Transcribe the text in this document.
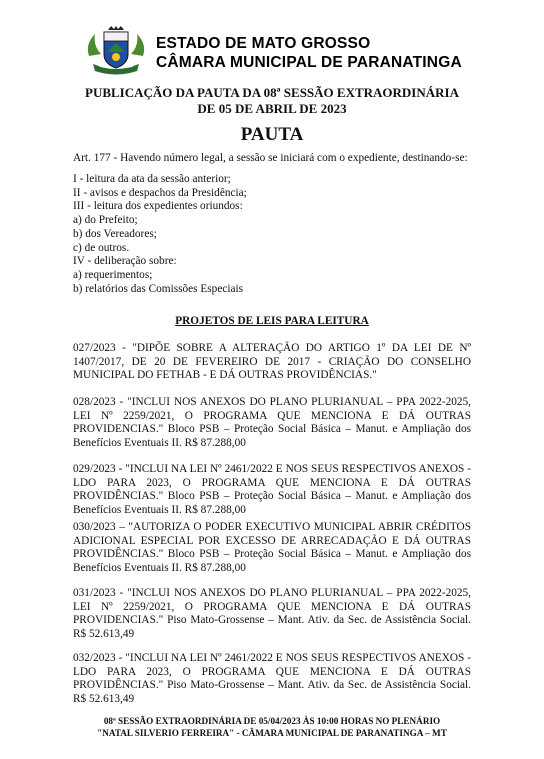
ESTADO DE MATO GROSSO
CÂMARA MUNICIPAL DE PARANATINGA
PUBLICAÇÃO DA PAUTA DA 08ª SESSÃO EXTRAORDINÁRIA
DE 05 DE ABRIL DE 2023
PAUTA
Art. 177 - Havendo número legal, a sessão se iniciará com o expediente, destinando-se:
I - leitura da ata da sessão anterior;
II - avisos e despachos da Presidência;
III - leitura dos expedientes oriundos:
a) do Prefeito;
b) dos Vereadores;
c) de outros.
IV - deliberação sobre:
a) requerimentos;
b) relatórios das Comissões Especiais
PROJETOS DE LEIS PARA LEITURA
027/2023 - "DIPÕE SOBRE A ALTERAÇÃO DO ARTIGO 1º DA LEI DE Nº 1407/2017, DE 20 DE FEVEREIRO DE 2017 - CRIAÇÃO DO CONSELHO MUNICIPAL DO FETHAB - E DÁ OUTRAS PROVIDÊNCIAS."
028/2023 - "INCLUI NOS ANEXOS DO PLANO PLURIANUAL – PPA 2022-2025, LEI Nº 2259/2021, O PROGRAMA QUE MENCIONA E DÁ OUTRAS PROVIDENCIAS." Bloco PSB – Proteção Social Básica – Manut. e Ampliação dos Benefícios Eventuais II. R$ 87.288,00
029/2023 - "INCLUI NA LEI Nº 2461/2022 E NOS SEUS RESPECTIVOS ANEXOS - LDO PARA 2023, O PROGRAMA QUE MENCIONA E DÁ OUTRAS PROVIDÊNCIAS." Bloco PSB – Proteção Social Básica – Manut. e Ampliação dos Benefícios Eventuais II. R$ 87.288,00
030/2023 – "AUTORIZA O PODER EXECUTIVO MUNICIPAL ABRIR CRÉDITOS ADICIONAL ESPECIAL POR EXCESSO DE ARRECADAÇÃO E DÁ OUTRAS PROVIDÊNCIAS." Bloco PSB – Proteção Social Básica – Manut. e Ampliação dos Benefícios Eventuais II. R$ 87.288,00
031/2023 - "INCLUI NOS ANEXOS DO PLANO PLURIANUAL – PPA 2022-2025, LEI Nº 2259/2021, O PROGRAMA QUE MENCIONA E DÁ OUTRAS PROVIDENCIAS." Piso Mato-Grossense – Mant. Ativ. da Sec. de Assistência Social. R$ 52.613,49
032/2023 - "INCLUI NA LEI Nº 2461/2022 E NOS SEUS RESPECTIVOS ANEXOS - LDO PARA 2023, O PROGRAMA QUE MENCIONA E DÁ OUTRAS PROVIDÊNCIAS." Piso Mato-Grossense – Mant. Ativ. da Sec. de Assistência Social. R$ 52.613,49
08ª SESSÃO EXTRAORDINÁRIA DE 05/04/2023 ÀS 10:00 HORAS NO PLENÁRIO
"NATAL SILVERIO FERREIRA" - CÂMARA MUNICIPAL DE PARANATINGA – MT
